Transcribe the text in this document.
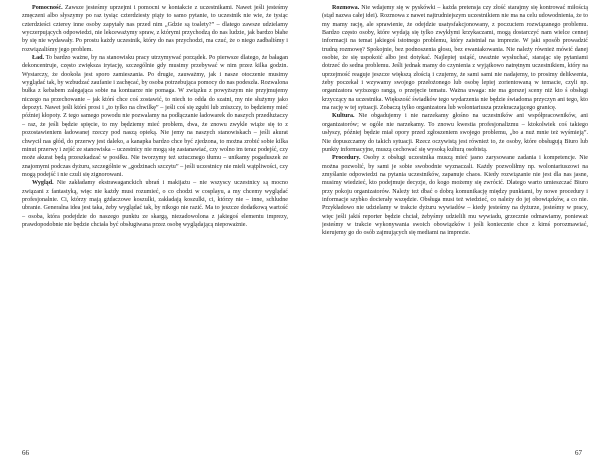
Pomocność. Zawsze jesteśmy uprzejmi i pomocni w kontakcie z uczestnikami. Nawet jeśli jesteśmy zmęczeni albo słyszymy po raz tysiąc czterdziesty piąty to samo pytanie, to uczestnik nie wie, że tysiąc czterdzieści czterey inne osoby zapytały nas przed nim „Gdzie są toalety?” – dlatego zawsze udzielamy wyczerpujących odpowiedzi, nie lekceważymy spraw, z którymi przychodzą do nas ludzie, jak bardzo błahe by się nie wydawały. Po prostu każdy uczestnik, który do nas przychodzi, ma czuć, że o niego zadbaliśmy i rozwiązaliśmy jego problem.

Ład. To bardzo ważne, by na stanowisku pracy utrzymywać porządek. Po pierwsze dlatego, że bałagan dekoncentruje, często zwiększa irytację, szczególnie gdy musimy przebywać w nim przez kilka godzin. Wystarczy, że dookoła jest sporo zamieszania. Po drugie, zauważmy, jak i nasze otoczenie musimy wyglądać tak, by wzbudzać zaufanie i zachęcać, by osoba potrzebująca pomocy do nas podeszła. Rozwalona bułka z kebabem zalegająca sobie na kontuarze nie pomaga. W związku z powyższym nie przyjmujemy niczego na przechowanie – jak którś chce coś zostawić, to niech to odda do szatni, my nie służymy jako depozyt. Nawet jeśli którś prosi i „to tylko na chwilkę” – jeśli coś się zgubi lub zniszczy, to będziemy mieć później kłopoty. Z tego samego powodu nie pozwalamy na podłączanie ładowarek do naszych przedłużaczy – raz, że jeśli będzie spięcie, to my będziemy mieć problem, dwa, że znowu zwykle wiąże się to z pozostawieniem ładowanej rzeczy pod naszą opieką. Nie jemy na naszych stanowiskach – jeśli akurat chwycił nas głód, do przerwy jest daleko, a kanapka bardzo chce być zjedzona, to można zrobić sobie kilka minut przerwy i zejść ze stanowiska – uczestnicy nie mogą się zastanawiać, czy wolno im teraz podejść, czy może akurat będą przeszkadzać w posiłku. Nie tworzymy też sztucznego tłumu – unikamy pogaduszek ze znajomymi podczas dyżuru, szczególnie w „godzinach szczytu” – jeśli uczestnicy nie mieli wątpliwości, czy mogą podejść i nie czuli się zignorowani.

Wygląd. Nie zakładamy ekstrawaganckich ubrań i makijażu – nie wszyscy uczestnicy są mocno związani z fantastyką, więc nie każdy musi rozumieć, o co chodzi w cosplayu, a my chcemy wyglądać profesjonalnie. Ci, którzy mają gżdaczowe koszulki, zakładają koszulki, ci, którzy nie – inne, schludne ubranie. Generalna idea jest taka, żeby wyglądać tak, by nikogo nie razić. Ma to jeszcze dodatkową wartość – osoba, która podejdzie do naszego punktu ze skargą, niezadowolona z jakiegoś elementu imprezy, prawdopodobnie nie będzie chciała być obsługiwana przez osobę wyglądającą niepoważnie.

Rozmowa. Nie wdajemy się w pyskówki – każda pretensja czy złość starajmy się kontrować miłością (stąd nazwa całej idei). Rozmowa z nawet najtrudniejszym uczestnikiem nie ma na celu udowodnienia, że to my mamy rację, ale sprawienie, że odejdzie usatysfakcjonowany, z poczuciem rozwiązanego problemu. Bardzo często osoby, które wydają się tylko zwykłymi krzykaczami, mogą dostarczyć nam wielce cennej informacji na temat jakiegoś istotnego problemu, który zaistniał na imprezie. W jaki sposób prowadzić trudną rozmowę? Spokojnie, bez podnoszenia głosu, bez ewaniakowania. Nie należy również mówić danej osobie, że się uspokoić albo jest dotykać. Najlepiej usiąść, uważnie wysłuchać, starając się pytaniami dotrzeć do sedna problemu. Jeśli jednak mamy do czynienia z wyjątkowo natrętnym uczestnikiem, który na uprzejmość reaguje jeszcze większą złością i czujemy, że sami sami nie nadajemy, to prosimy delikwenta, żeby poczekał i wzywamy swojego przełożonego lub osobę lepiej zorientowaną w temacie, czyli np. organizatora wyższego rangą, o przejęcie tematu. Ważna uwaga: nie ma gorszej sceny niż kto ś obsługi krzyczący na uczestnika. Większość świadków tego wydarzenia nie będzie świadoma przyczyn ani tego, kto ma rację w tej sytuacji. Zobaczą tylko organizatora lub wolontariusza przekraczającego granicę.

Kultura. Nie obgadujemy i nie narzekamy głośno na uczestników ani współpracowników, ani organizatorów; w ogóle nie narzekamy. To znowu kwestia profesjonalizmu – ktokolwiek coś takiego usłyszy, później będzie miał opory przed zgłoszeniem swojego problemu, „bo a nuż mnie też wyśmieją”. Nie dopuszczamy do takich sytuacji. Rzecz oczywistą jest również to, że osoby, które obsługują Biuro lub punkty informacyjne, muszą cechować się wysoką kulturą osobistą.

Procedury. Osoby z obsługi uczestnika muszą mieć jasno zarysowane zadania i kompetencje. Nie można pozwolić, by sami je sobie swobodnie wyznaczali. Każdy pozwoliłmy np. wolontariuszowi na zmyślanie odpowiedzi na pytania uczestników, zapanuje chaos. Kiedy rozwiązanie nie jest dla nas jasne, musimy wiedzieć, kto podejmuje decyzje, do kogo możemy się zwrócić. Dlatego warto umieszczać Biuro przy pokoju organizatorów. Należy też dbać o dobrą komunikację między punktami, by nowe procedury i informacje szybko docierały wszędzie. Obsługa musi też wiedzieć, co należy do jej obowiązków, a co nie. Przykładowo nie udzielamy w trakcie dyżuru wywiadów – kiedy jesteśmy na dyżurze, jesteśmy w pracy, więc jeśli jakiś reporter będzie chciał, żebyśmy udzielili mu wywiadu, grzecznie odmawiamy, ponieważ jesteśmy w trakcie wykonywania swoich obowiązków i jeśli koniecznie chce z kimś porozmawiać, kierujemy go do osób zajmujących się mediami na imprezie.

66	67
